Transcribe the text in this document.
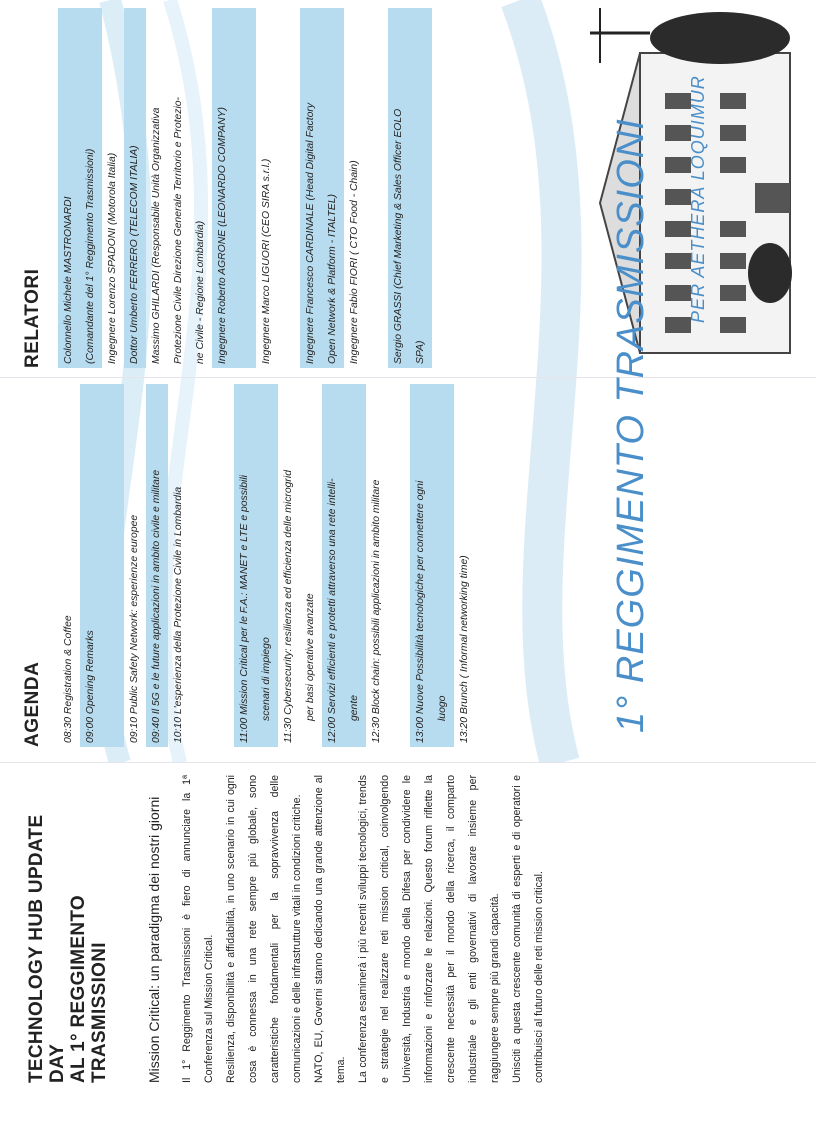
TECHNOLOGY HUB UPDATE DAY
AL 1° REGGIMENTO TRASMISSIONI	Mission Critical: un paradigma dei nostri giorni	Il 1° Reggimento Trasmissioni è fiero di annunciare la 1ª Conferenza sul Mission Critical. Resilienza, disponibilità e affidabilità, in uno scenario in cui ogni cosa è connessa in una rete sempre più globale, sono caratteristiche fondamentali per la sopravvivenza delle comunicazioni e delle infrastrutture vitali in condizioni critiche. NATO, EU, Governi stanno dedicando una grande attenzione al tema. La conferenza esaminerà i più recenti sviluppi tecnologici, trends e strategie nel realizzare reti mission critical, coinvolgendo Università, Industria e mondo della Difesa per condividere le informazioni e rinforzare le relazioni. Questo forum riflette la crescente necessità per il mondo della ricerca, il comparto industriale e gli enti governativi di lavorare insieme per raggiungere sempre più grandi capacità. Unisciti a questa crescente comunità di esperti e di operatori e contribuisci al futuro delle reti mission critical.

AGENDA	08:30 Registration & Coffee
09:00 Opening Remarks

09:10 Public Safety Network: esperienze europee
09:40 Il 5G e le future applicazioni in ambito civile e militare
10:10 L'esperienza della Protezione Civile in Lombardia

11:00 Mission Critical per le F.A.: MANET e LTE e possibili	scenari di impiego
11:30 Cybersecurity: resilienza ed efficienza delle microgrid	per basi operative avanzate
12:00 Servizi efficienti e protetti attraverso una rete intelli-	gente
12:30 Block chain: possibili applicazioni in ambito militare

13:00 Nuove Possibilità tecnologiche per connettere ogni	luogo
13:20 Brunch ( Informal networking time)
RELATORI	Colonnello Michele MASTRONARDI	(Comandante del 1° Reggimento Trasmissioni)	Ingegnere Lorenzo SPADONI (Motorola Italia)	Dottor Umberto FERRERO (TELECOM ITALIA)	Massimo GHILARDI (Responsabile Unità Organizzativa	Protezione Civile Direzione Generale Territorio e Protezio-	ne Civile - Regione Lombardia)	Ingegnere Roberto AGRONE (LEONARDO COMPANY)
	Ingegnere Marco LIGUORI (CEO SIRA s.r.l.)
	Ingegnere Francesco CARDINALE (Head Digital Factory	Open Network & Platform - ITALTEL)	Ingegnere Fabio FIORI ( CTO Food - Chain)
	Sergio GRASSI (Chief Marketing & Sales Officer EOLO	SPA)	1° REGGIMENTO TRASMISSIONI PER AETHERA LOQUIMUR
